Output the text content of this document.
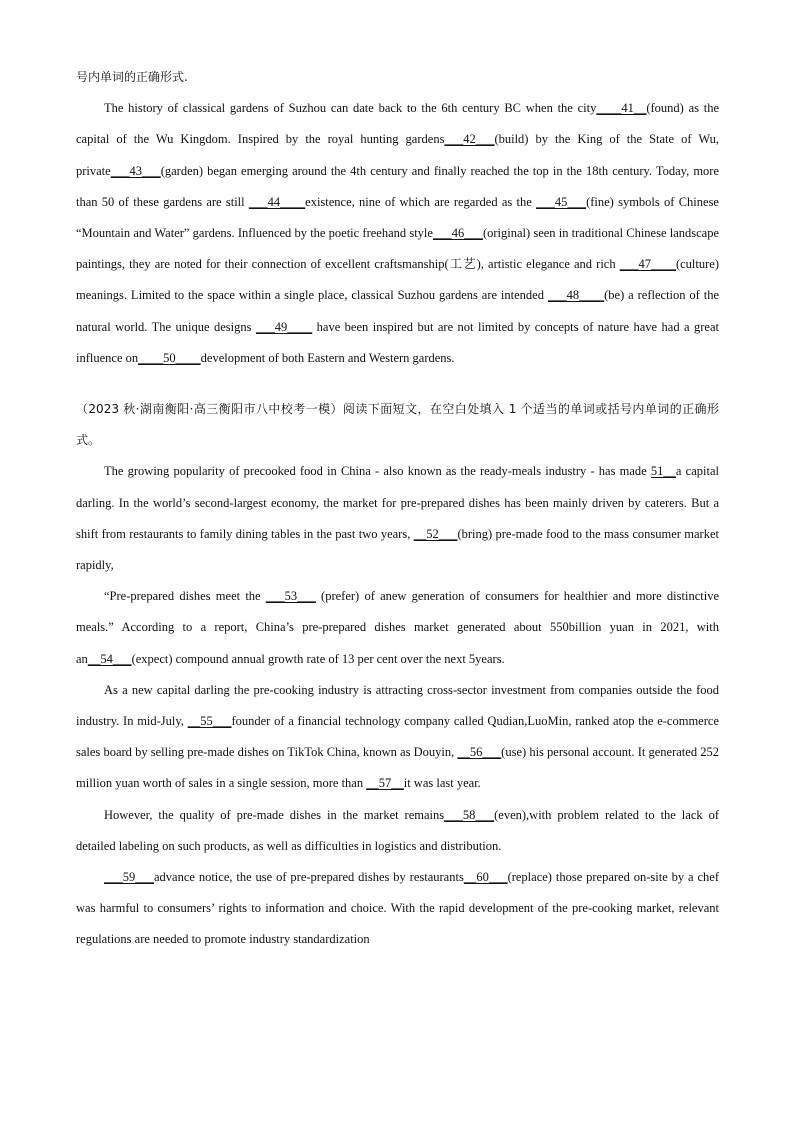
号内单词的正确形式.
The history of classical gardens of Suzhou can date back to the 6th century BC when the city____41__(found) as the capital of the Wu Kingdom. Inspired by the royal hunting gardens___42___(build) by the King of the State of Wu, private___43___(garden) began emerging around the 4th century and finally reached the top in the 18th century. Today, more than 50 of these gardens are still ___44____existence, nine of which are regarded as the ___45___(fine) symbols of Chinese “Mountain and Water” gardens. Influenced by the poetic freehand style___46___(original) seen in traditional Chinese landscape paintings, they are noted for their connection of excellent craftsmanship(工艺), artistic elegance and rich ___47____(culture) meanings. Limited to the space within a single place, classical Suzhou gardens are intended ___48____(be) a reflection of the natural world. The unique designs ___49____ have been inspired but are not limited by concepts of nature have had a great influence on____50____development of both Eastern and Western gardens.
（2023 秋·湖南衡阳·高三衡阳市八中校考一模）阅读下面短文，在空白处填入 1 个适当的单词或括号内单词的正确形式。
The growing popularity of precooked food in China - also known as the ready-meals industry - has made 51__a capital darling. In the world’s second-largest economy, the market for pre-prepared dishes has been mainly driven by caterers. But a shift from restaurants to family dining tables in the past two years, __52___(bring) pre-made food to the mass consumer market rapidly,
“Pre-prepared dishes meet the ___53___ (prefer) of anew generation of consumers for healthier and more distinctive meals.” According to a report, China’s pre-prepared dishes market generated about 550billion yuan in 2021, with an__54___(expect) compound annual growth rate of 13 per cent over the next 5years.
As a new capital darling the pre-cooking industry is attracting cross-sector investment from companies outside the food industry. In mid-July, __55___founder of a financial technology company called Qudian,LuoMin, ranked atop the e-commerce sales board by selling pre-made dishes on TikTok China, known as Douyin, __56___(use) his personal account. It generated 252 million yuan worth of sales in a single session, more than __57__it was last year.
However, the quality of pre-made dishes in the market remains___58___(even),with problem related to the lack of detailed labeling on such products, as well as difficulties in logistics and distribution.
___59___advance notice, the use of pre-prepared dishes by restaurants__60___(replace) those prepared on-site by a chef was harmful to consumers’ rights to information and choice. With the rapid development of the pre-cooking market, relevant regulations are needed to promote industry standardization
